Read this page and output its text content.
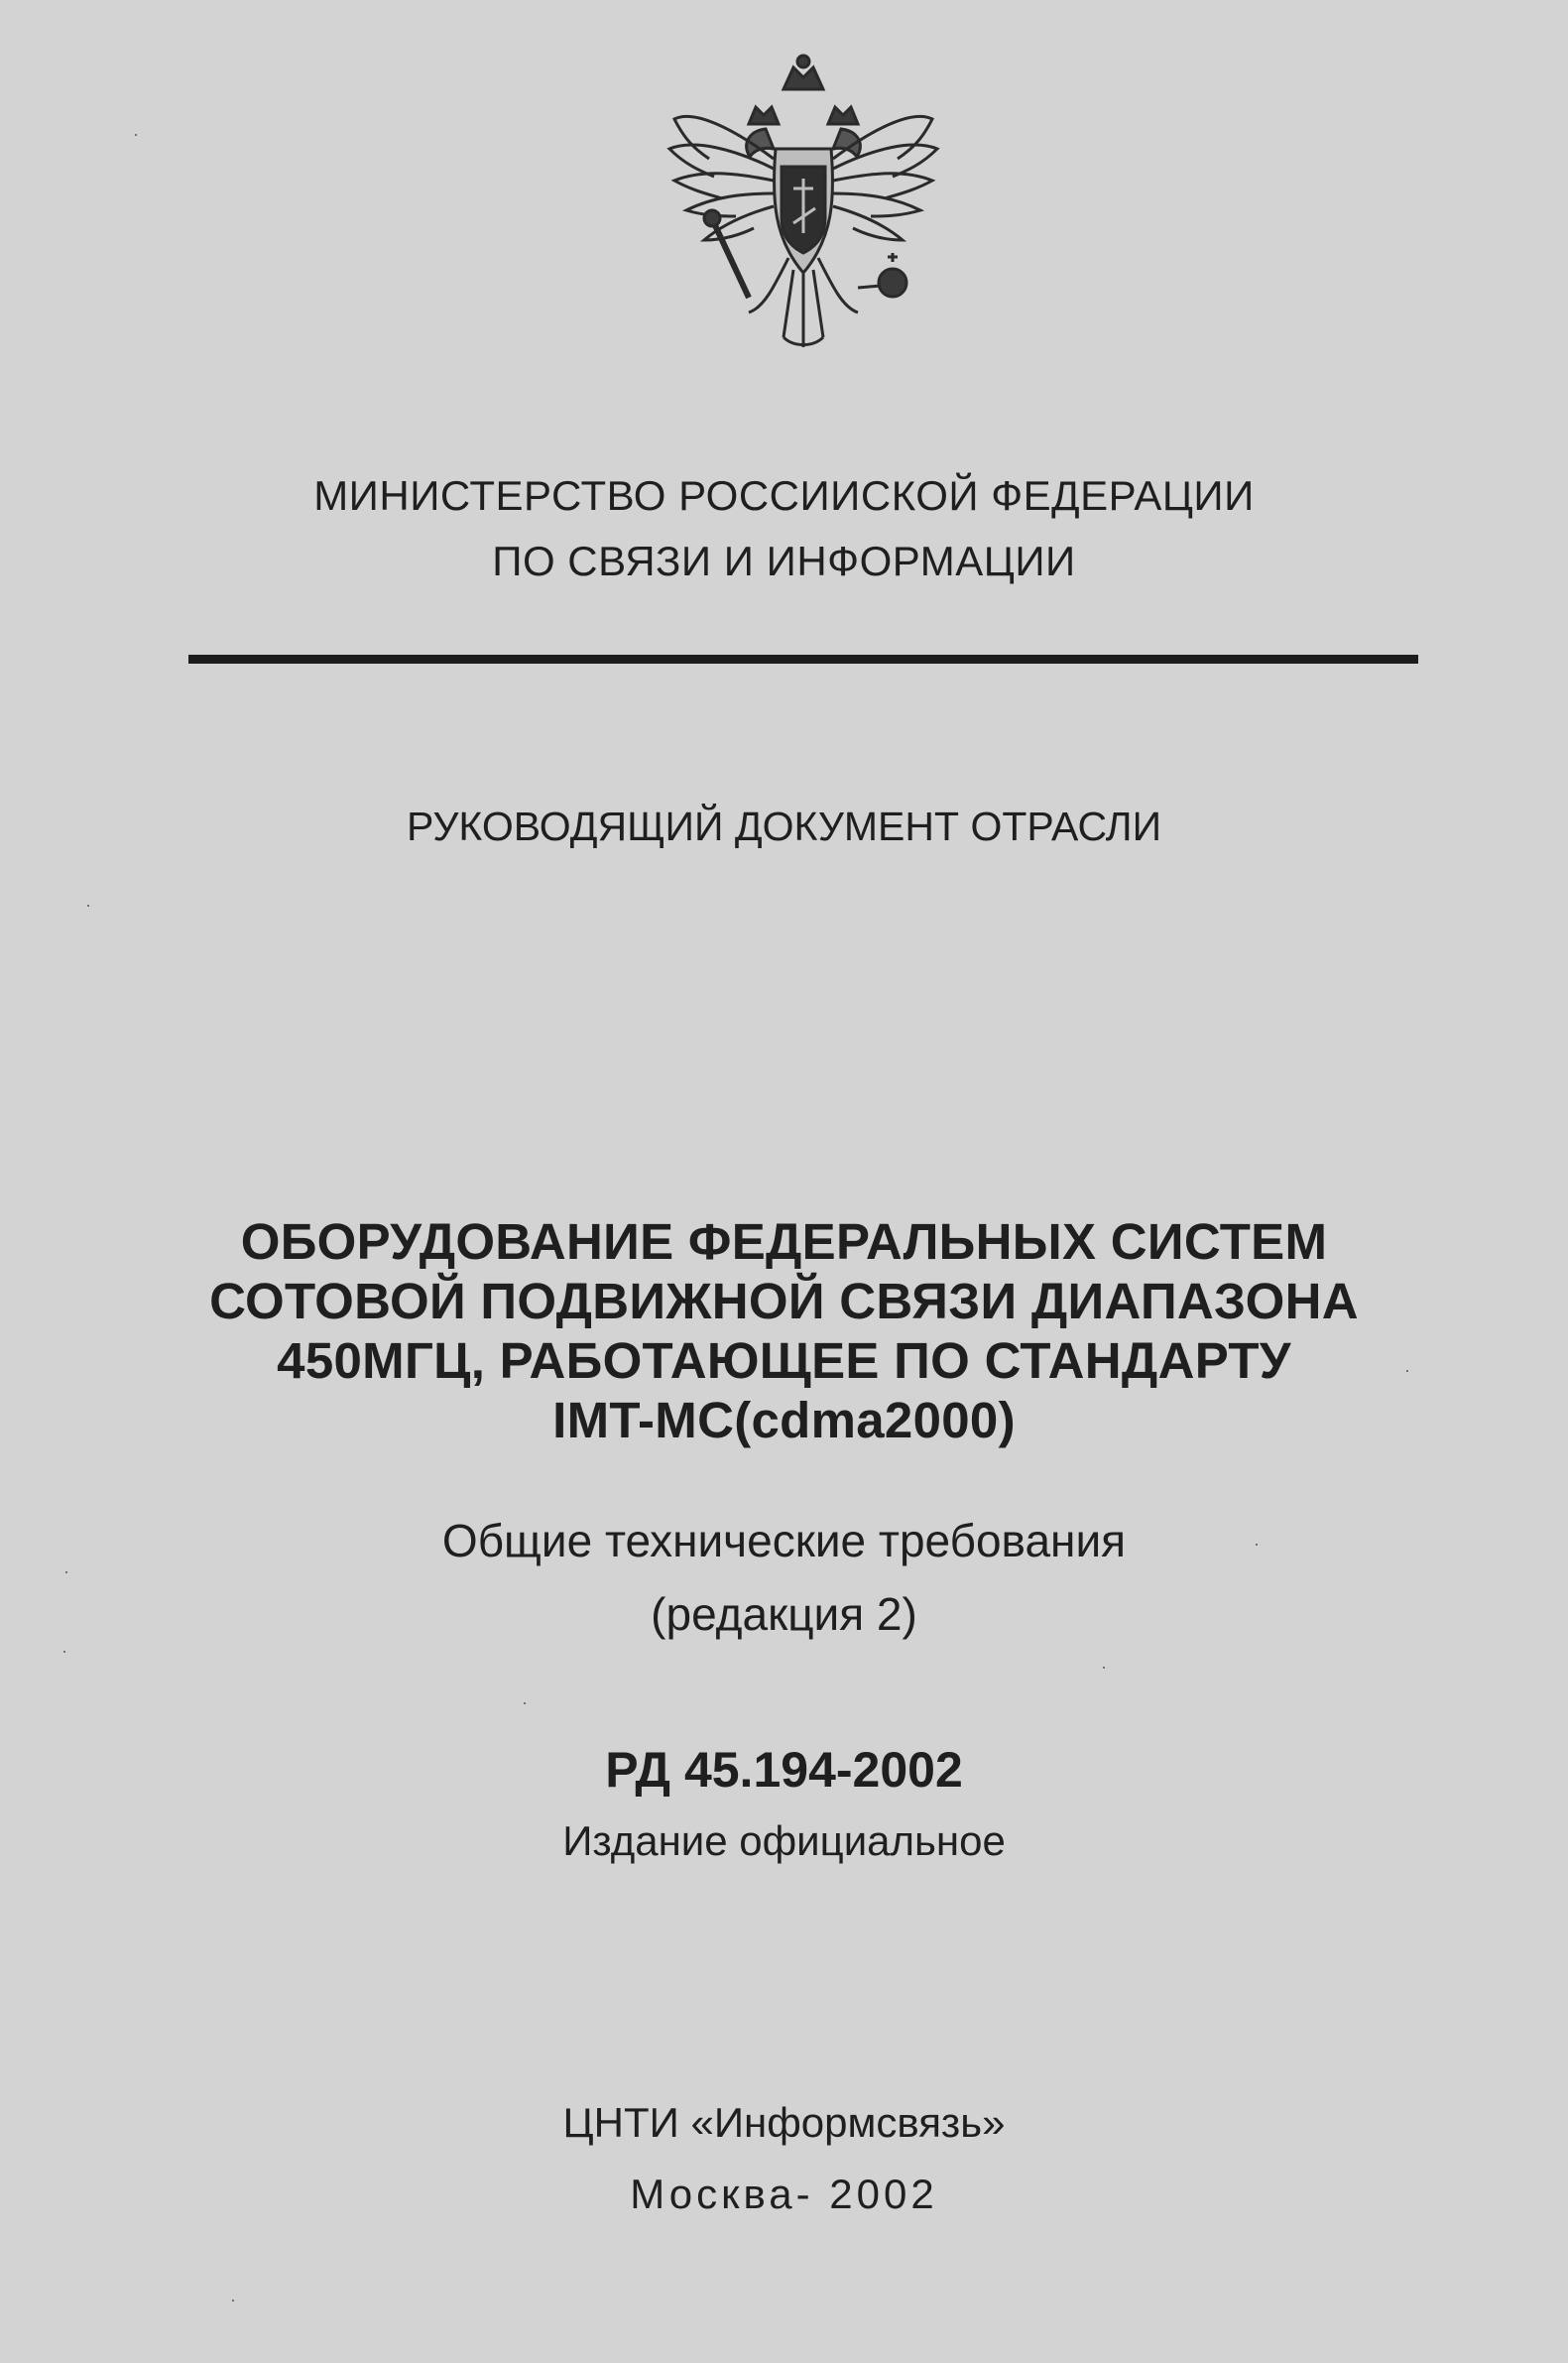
МИНИСТЕРСТВО РОССИИСКОЙ ФЕДЕРАЦИИ
ПО СВЯЗИ И ИНФОРМАЦИИ
РУКОВОДЯЩИЙ ДОКУМЕНТ ОТРАСЛИ
ОБОРУДОВАНИЕ ФЕДЕРАЛЬНЫХ СИСТЕМ
СОТОВОЙ ПОДВИЖНОЙ СВЯЗИ ДИАПАЗОНА
450МГЦ, РАБОТАЮЩЕЕ ПО СТАНДАРТУ
IMT-MC(cdma2000)
Общие технические требования
(редакция 2)
РД 45.194-2002
Издание официальное
ЦНТИ «Информсвязь»
Москва- 2002
